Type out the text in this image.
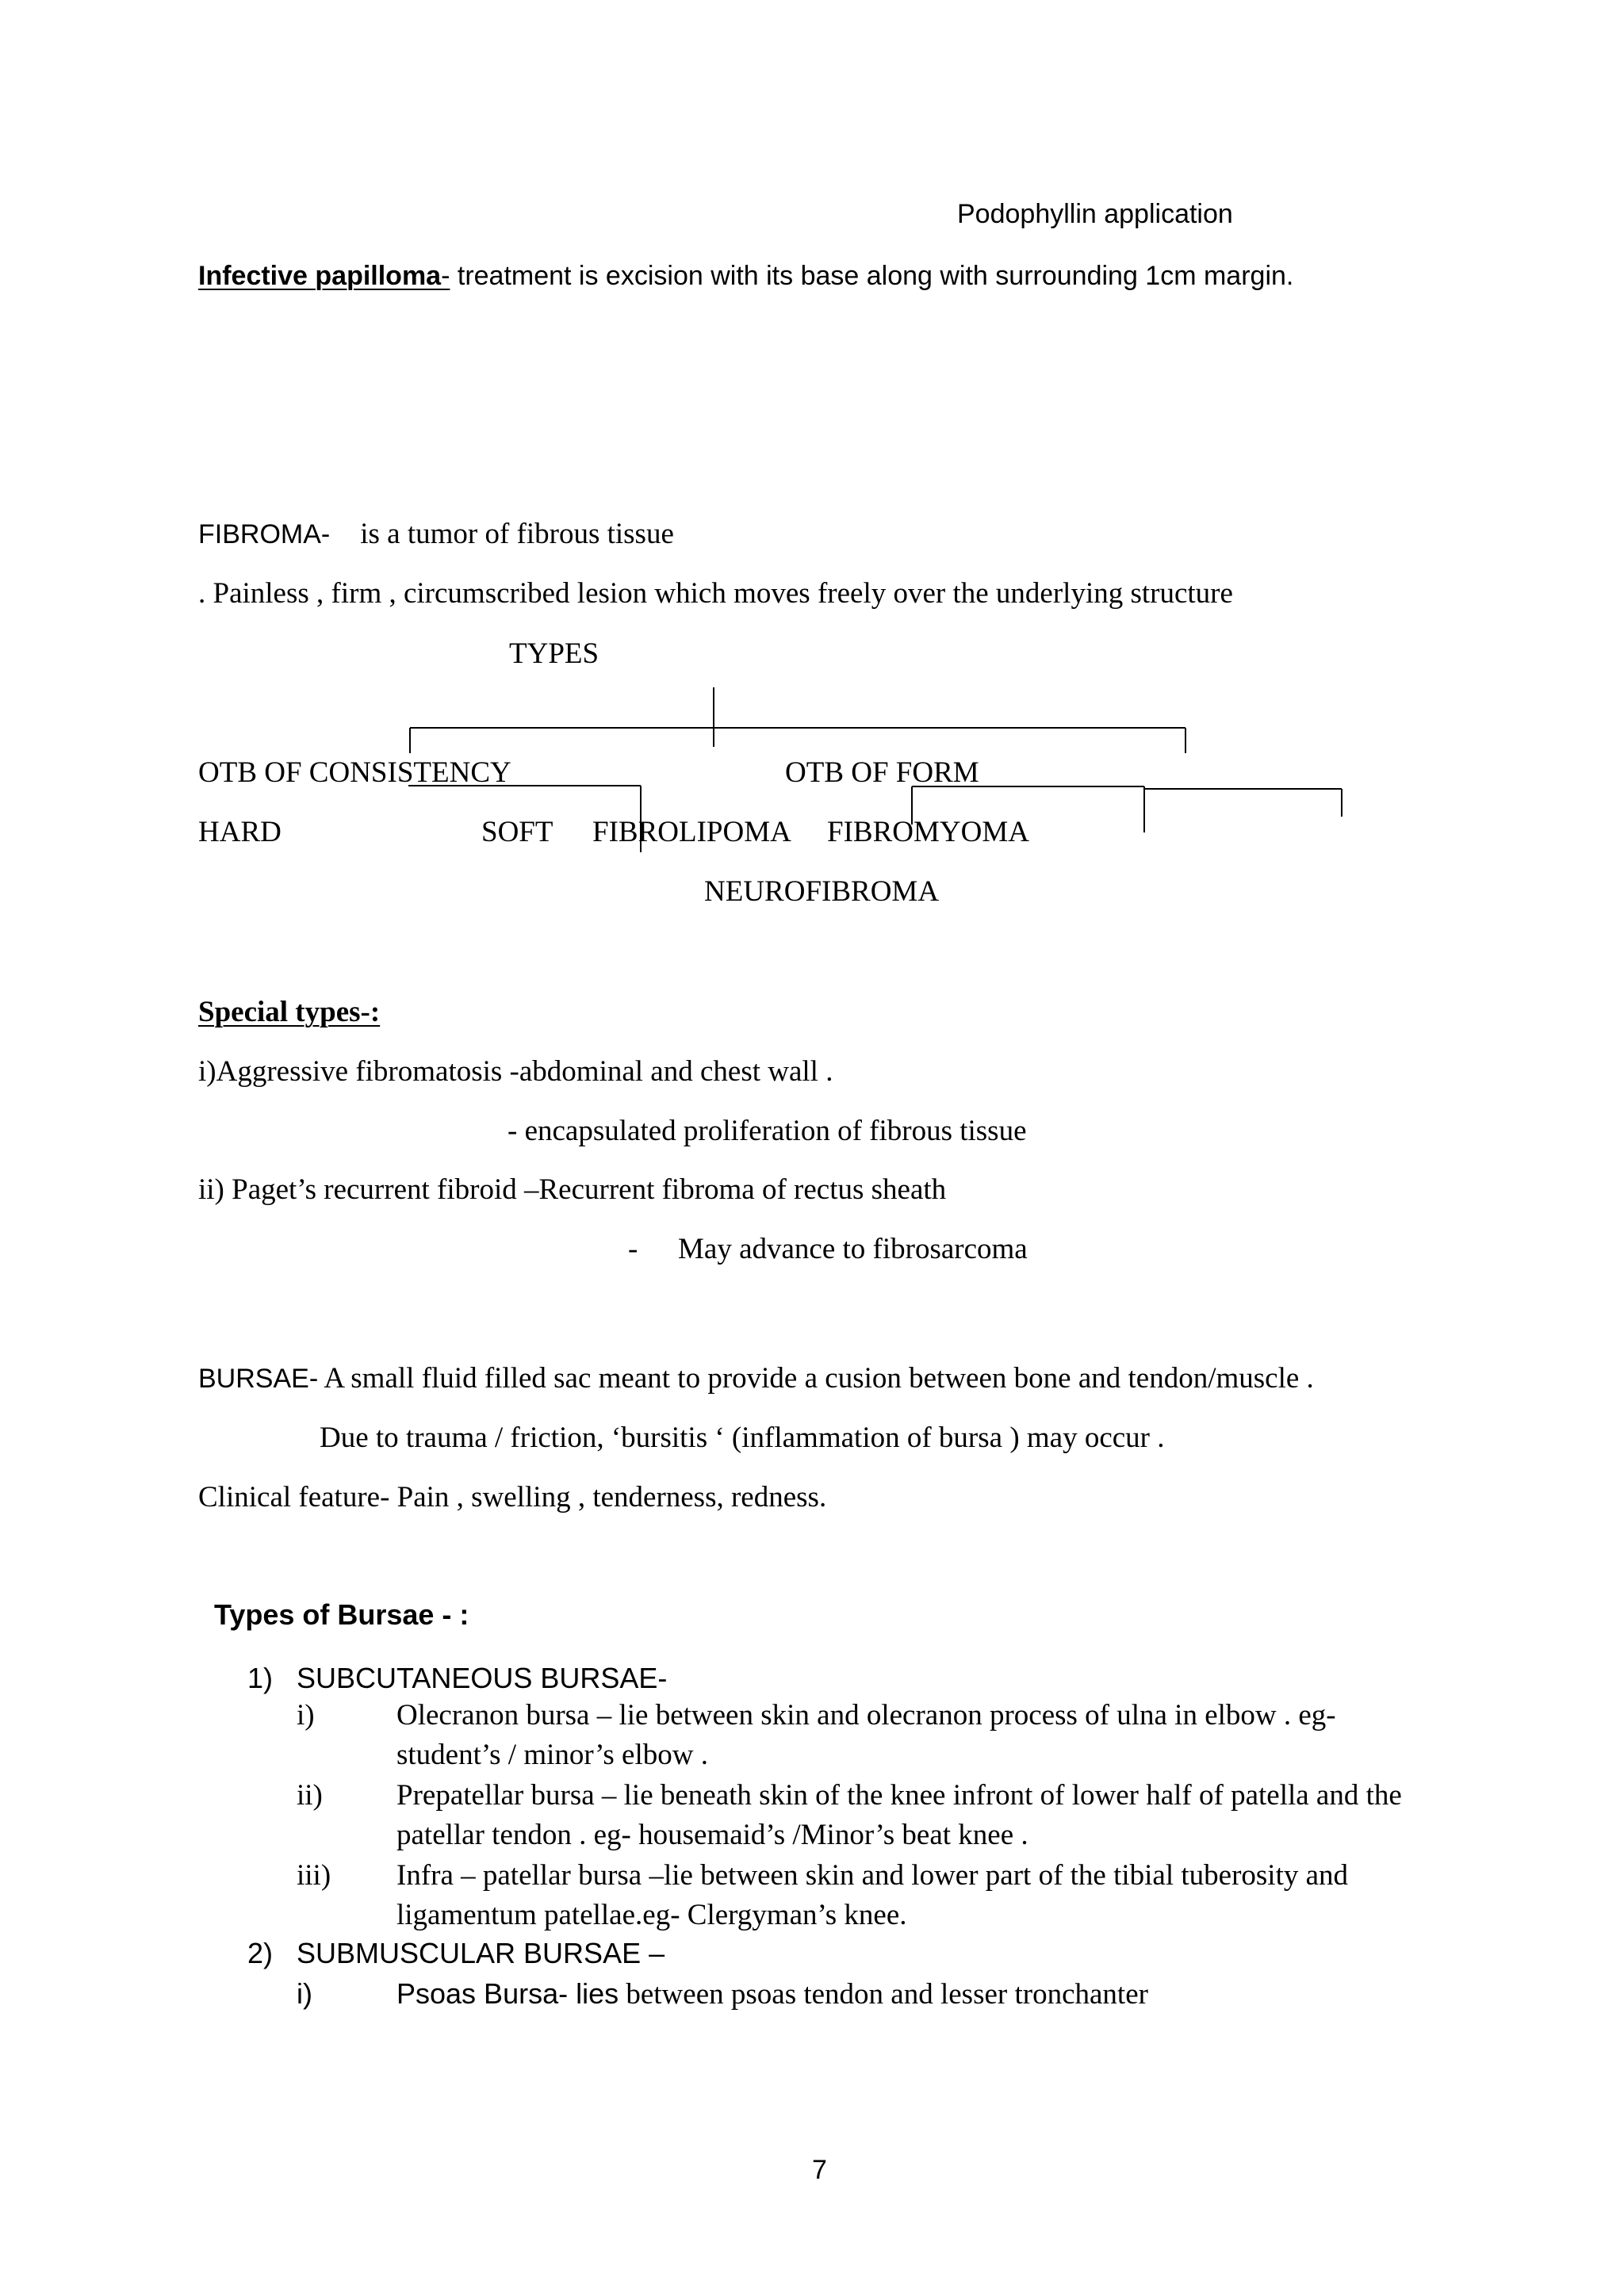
Podophyllin application
Infective papilloma- treatment is excision with its base along with surrounding 1cm margin.
FIBROMA- is a tumor of fibrous tissue
. Painless , firm , circumscribed lesion which moves freely over the underlying structure
TYPES
OTB OF CONSISTENCY	OTB OF FORM
HARD	SOFT FIBROLIPOMA FIBROMYOMA
NEUROFIBROMA
Special types-:
i)Aggressive fibromatosis -abdominal and chest wall .
- encapsulated proliferation of fibrous tissue
ii) Paget’s recurrent fibroid –Recurrent fibroma of rectus sheath
- May advance to fibrosarcoma
BURSAE- A small fluid filled sac meant to provide a cusion between bone and tendon/muscle .
Due to trauma / friction, ‘bursitis ‘ (inflammation of bursa ) may occur .
Clinical feature- Pain , swelling , tenderness, redness.
Types of Bursae - :
1) SUBCUTANEOUS BURSAE-
i)	Olecranon bursa – lie between skin and olecranon process of ulna in elbow . eg-
student’s / minor’s elbow .
ii)	Prepatellar bursa – lie beneath skin of the knee infront of lower half of patella and the
patellar tendon . eg- housemaid’s /Minor’s beat knee .
iii) Infra – patellar bursa –lie between skin and lower part of the tibial tuberosity and
ligamentum patellae.eg- Clergyman’s knee.
2) SUBMUSCULAR BURSAE –
i)	Psoas Bursa- lies between psoas tendon and lesser tronchanter
7
